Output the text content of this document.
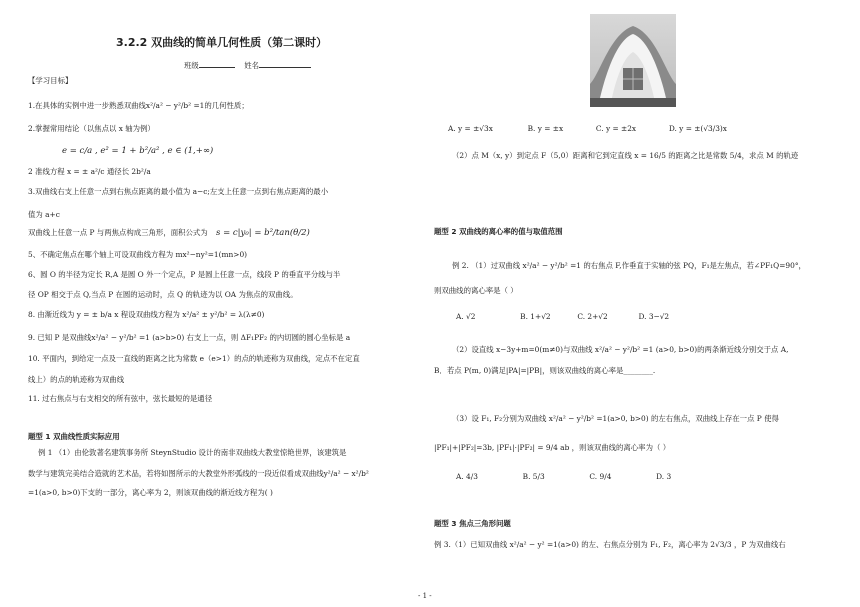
3.2.2 双曲线的简单几何性质（第二课时）
班级	姓名
【学习目标】
1.在具体的实例中进一步熟悉双曲线x²/a² − y²/b² =1的几何性质；
2.掌握常用结论（以焦点以 x 轴为例）
e = c/a , e² = 1 + b²/a² , e ∈ (1,+∞)
2 准线方程 x = ± a²/c 通径长 2b²/a
3.双曲线右支上任意一点到右焦点距离的最小值为 a−c;左支上任意一点到右焦点距离的最小
值为 a+c
双曲线上任意一点 P 与两焦点构成三角形，面积公式为 s = c|y₀| = b²/tan(θ/2)
5、不确定焦点在哪个轴上可设双曲线方程为 mx²−ny²=1(mn>0)
6、圆 O 的半径为定长 R,A 是圆 O 外一个定点，P 是圆上任意一点，线段 P 的垂直平分线与半
径 OP 相交于点 Q,当点 P 在圆的运动时，点 Q 的轨迹为以 OA 为焦点的双曲线。
8. 由渐近线为 y = ± b/a x 程设双曲线方程为 x²/a² ± y²/b² = λ(λ≠0)
9. 已知 P 是双曲线x²/a² − y²/b² =1 (a>b>0) 右支上一点，则 ΔF₁PF₂ 的内切圆的圆心坐标是 a
10. 平面内，到给定一点及一直线的距离之比为常数 e（e>1）的点的轨迹称为双曲线，定点不在定直
线上）的点的轨迹称为双曲线
11. 过右焦点与右支相交的所有弦中，弦长最短的是通径
题型 1 双曲线性质实际应用
例 1 （1）由伦敦著名建筑事务所 SteynStudio 设计的南非双曲线大教堂惊艳世界，该建筑是
数学与建筑完美结合造就的艺术品，若将如图所示的大教堂外形弧线的一段近似看成双曲线y²/a² − x²/b²
=1(a>0, b>0)下支的一部分，离心率为 2，则该双曲线的渐近线方程为( )
A. y = ±√3x	B. y = ±x	C. y = ±2x	D. y = ±(√3/3)x
（2）点 M（x, y）到定点 F（5,0）距离和它到定直线 x = 16/5 的距离之比是常数 5/4，求点 M 的轨迹
题型 2 双曲线的离心率的值与取值范围
例 2. （1）过双曲线 x²/a² − y²/b² =1 的右焦点 F,作垂直于实轴的弦 PQ，F₁是左焦点，若∠PF₁Q=90°，
则双曲线的离心率是（ ）
A. √2	B. 1+√2	C. 2+√2	D. 3−√2
（2）设直线 x−3y+m=0(m≠0)与双曲线 x²/a² − y²/b² =1 (a>0, b>0)的两条渐近线分别交于点 A,
B．若点 P(m, 0)满足|PA|=|PB|，则该双曲线的离心率是________.
（3）设 F₁, F₂分别为双曲线 x²/a² − y²/b² =1(a>0, b>0) 的左右焦点，双曲线上存在一点 P 使得
|PF₁|+|PF₂|=3b, |PF₁|·|PF₂| = 9/4 ab ，则该双曲线的离心率为（ ）
A. 4/3	B. 5/3	C. 9/4	D. 3
题型 3 焦点三角形问题
例 3.（1）已知双曲线 x²/a² − y² =1(a>0) 的左、右焦点分别为 F₁, F₂，离心率为 2√3/3 ，P 为双曲线右
- 1 -
